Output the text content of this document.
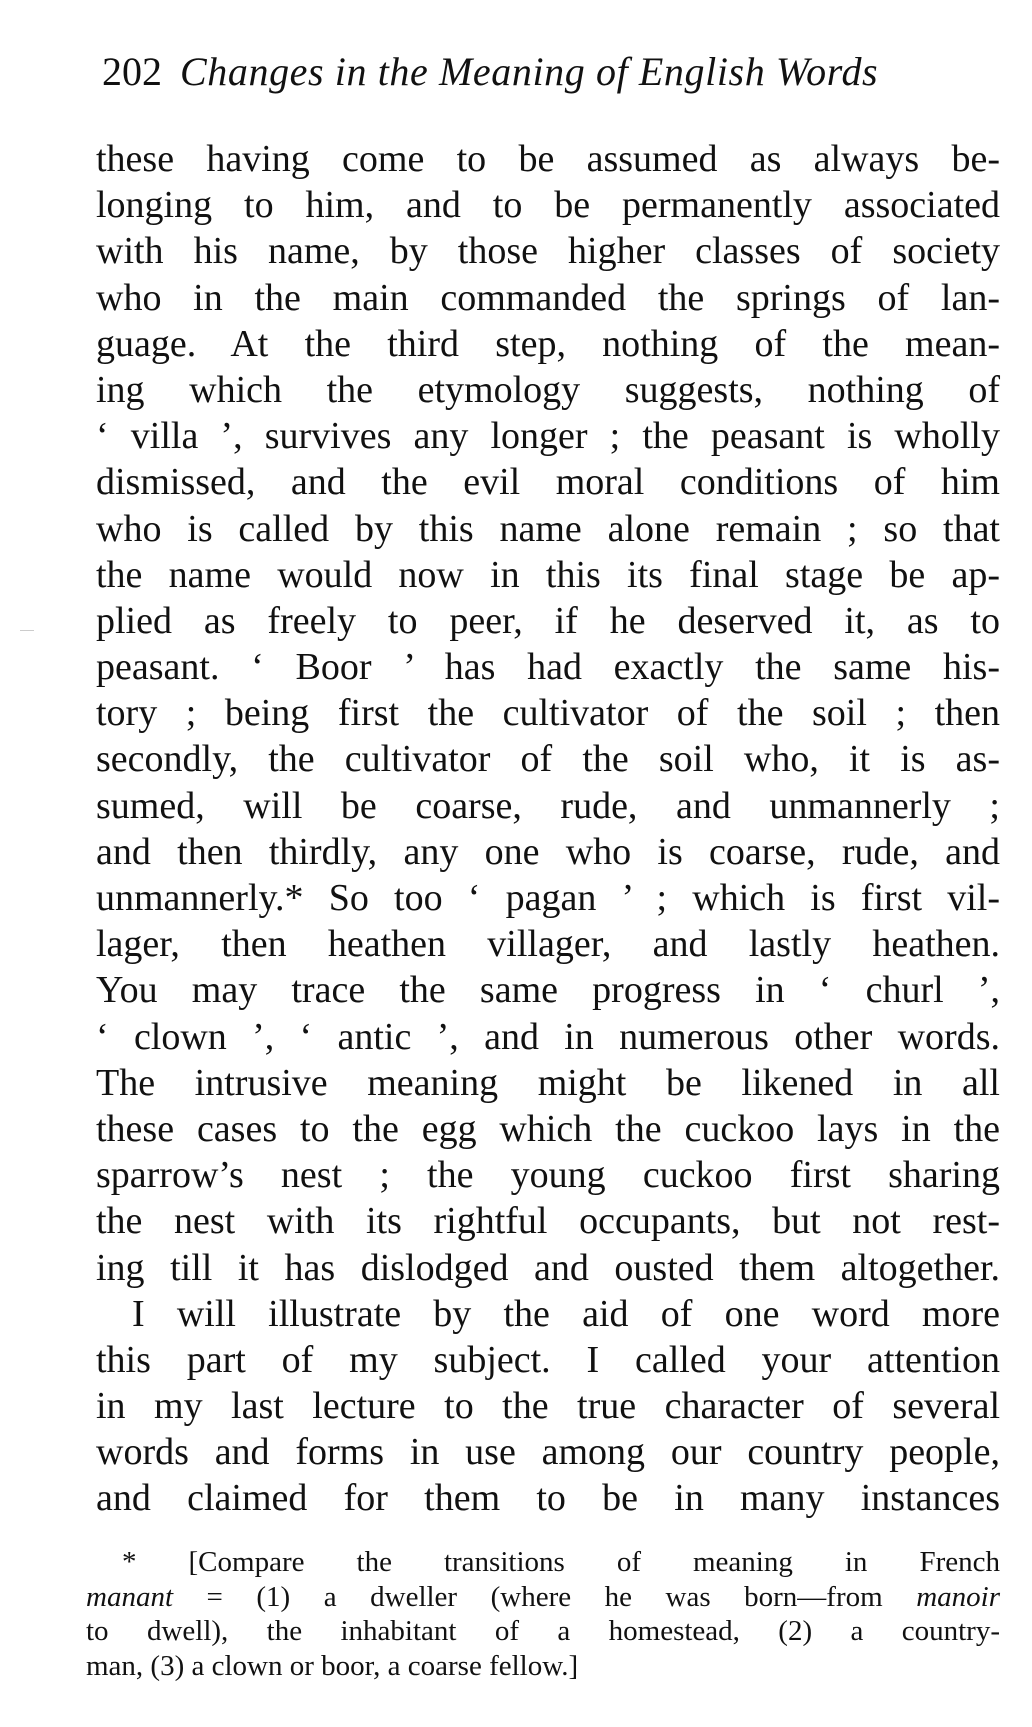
202 Changes in the Meaning of English Words
these having come to be assumed as always be-
longing to him, and to be permanently associated
with his name, by those higher classes of society
who in the main commanded the springs of lan-
guage. At the third step, nothing of the mean-
ing which the etymology suggests, nothing of
‘ villa ’, survives any longer ; the peasant is wholly
dismissed, and the evil moral conditions of him
who is called by this name alone remain ; so that
the name would now in this its final stage be ap-
plied as freely to peer, if he deserved it, as to
peasant. ‘ Boor ’ has had exactly the same his-
tory ; being first the cultivator of the soil ; then
secondly, the cultivator of the soil who, it is as-
sumed, will be coarse, rude, and unmannerly ;
and then thirdly, any one who is coarse, rude, and
unmannerly.* So too ‘ pagan ’ ; which is first vil-
lager, then heathen villager, and lastly heathen.
You may trace the same progress in ‘ churl ’,
‘ clown ’, ‘ antic ’, and in numerous other words.
The intrusive meaning might be likened in all
these cases to the egg which the cuckoo lays in the
sparrow’s nest ; the young cuckoo first sharing
the nest with its rightful occupants, but not rest-
ing till it has dislodged and ousted them altogether.
I will illustrate by the aid of one word more
this part of my subject. I called your attention
in my last lecture to the true character of several
words and forms in use among our country people,
and claimed for them to be in many instances
* [Compare the transitions of meaning in French
manant = (1) a dweller (where he was born—from manoir
to dwell), the inhabitant of a homestead, (2) a country-
man, (3) a clown or boor, a coarse fellow.]
